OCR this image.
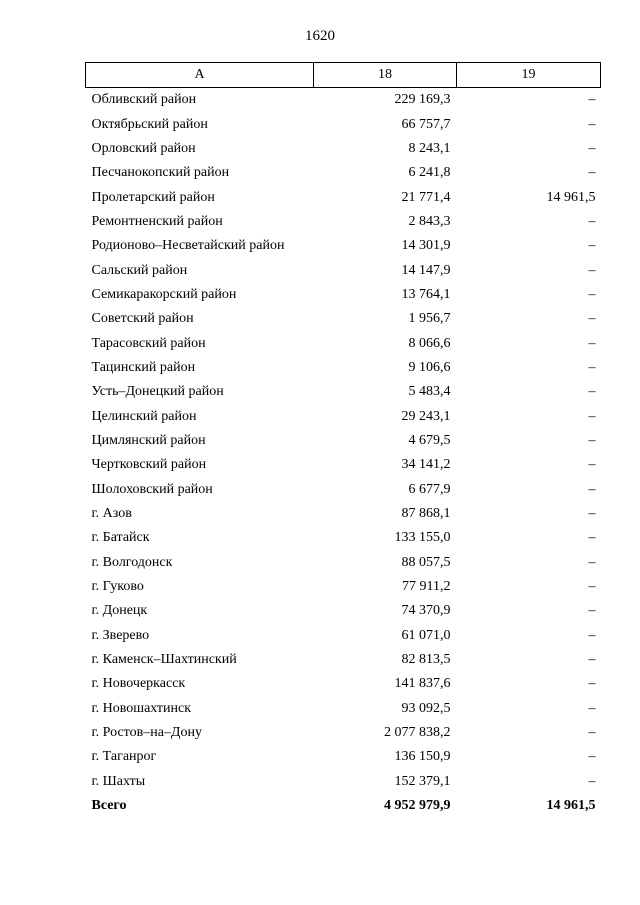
1620
А	18	19
Обливский район	229 169,3	–
Октябрьский район	66 757,7	–
Орловский район	8 243,1	–
Песчанокопский район	6 241,8	–
Пролетарский район	21 771,4	14 961,5
Ремонтненский район	2 843,3	–
Родионово–Несветайский район	14 301,9	–
Сальский район	14 147,9	–
Семикаракорский район	13 764,1	–
Советский район	1 956,7	–
Тарасовский район	8 066,6	–
Тацинский район	9 106,6	–
Усть–Донецкий район	5 483,4	–
Целинский район	29 243,1	–
Цимлянский район	4 679,5	–
Чертковский район	34 141,2	–
Шолоховский район	6 677,9	–
г. Азов	87 868,1	–
г. Батайск	133 155,0	–
г. Волгодонск	88 057,5	–
г. Гуково	77 911,2	–
г. Донецк	74 370,9	–
г. Зверево	61 071,0	–
г. Каменск–Шахтинский	82 813,5	–
г. Новочеркасск	141 837,6	–
г. Новошахтинск	93 092,5	–
г. Ростов–на–Дону	2 077 838,2	–
г. Таганрог	136 150,9	–
г. Шахты	152 379,1	–
Всего	4 952 979,9	14 961,5
